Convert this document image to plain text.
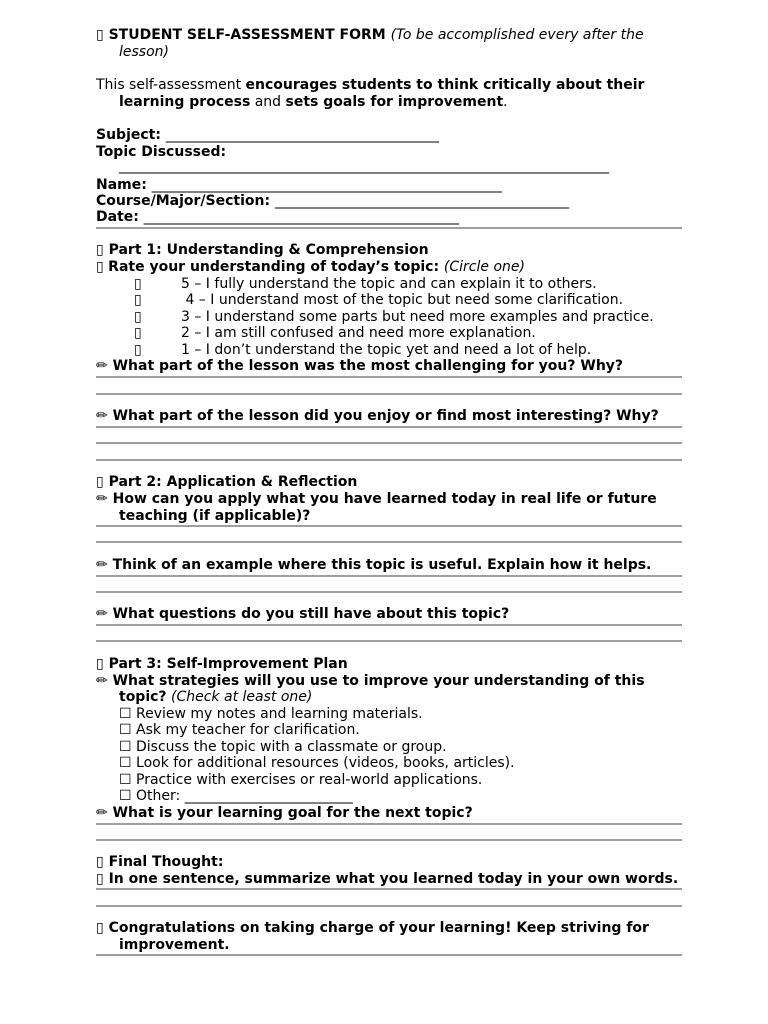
▯ STUDENT SELF-ASSESSMENT FORM (To be accomplished every after the
lesson)
This self-assessment encourages students to think critically about their
learning process and sets goals for improvement.
Subject: _______________________________________
Topic Discussed:
______________________________________________________________________
Name: __________________________________________________
Course/Major/Section: __________________________________________
Date: _____________________________________________
▯ Part 1: Understanding & Comprehension
▯ Rate your understanding of today’s topic: (Circle one)
▯	5 – I fully understand the topic and can explain it to others.
▯	4 – I understand most of the topic but need some clarification.
▯	3 – I understand some parts but need more examples and practice.
▯	2 – I am still confused and need more explanation.
▯	1 – I don’t understand the topic yet and need a lot of help.
✏ What part of the lesson was the most challenging for you? Why?
✏ What part of the lesson did you enjoy or find most interesting? Why?
▯ Part 2: Application & Reflection
✏ How can you apply what you have learned today in real life or future
teaching (if applicable)?
✏ Think of an example where this topic is useful. Explain how it helps.
✏ What questions do you still have about this topic?
▯ Part 3: Self-Improvement Plan
✏ What strategies will you use to improve your understanding of this
topic? (Check at least one)
☐ Review my notes and learning materials.
☐ Ask my teacher for clarification.
☐ Discuss the topic with a classmate or group.
☐ Look for additional resources (videos, books, articles).
☐ Practice with exercises or real-world applications.
☐ Other: ________________________
✏ What is your learning goal for the next topic?
▯ Final Thought:
▯ In one sentence, summarize what you learned today in your own words.
▯ Congratulations on taking charge of your learning! Keep striving for
improvement.
